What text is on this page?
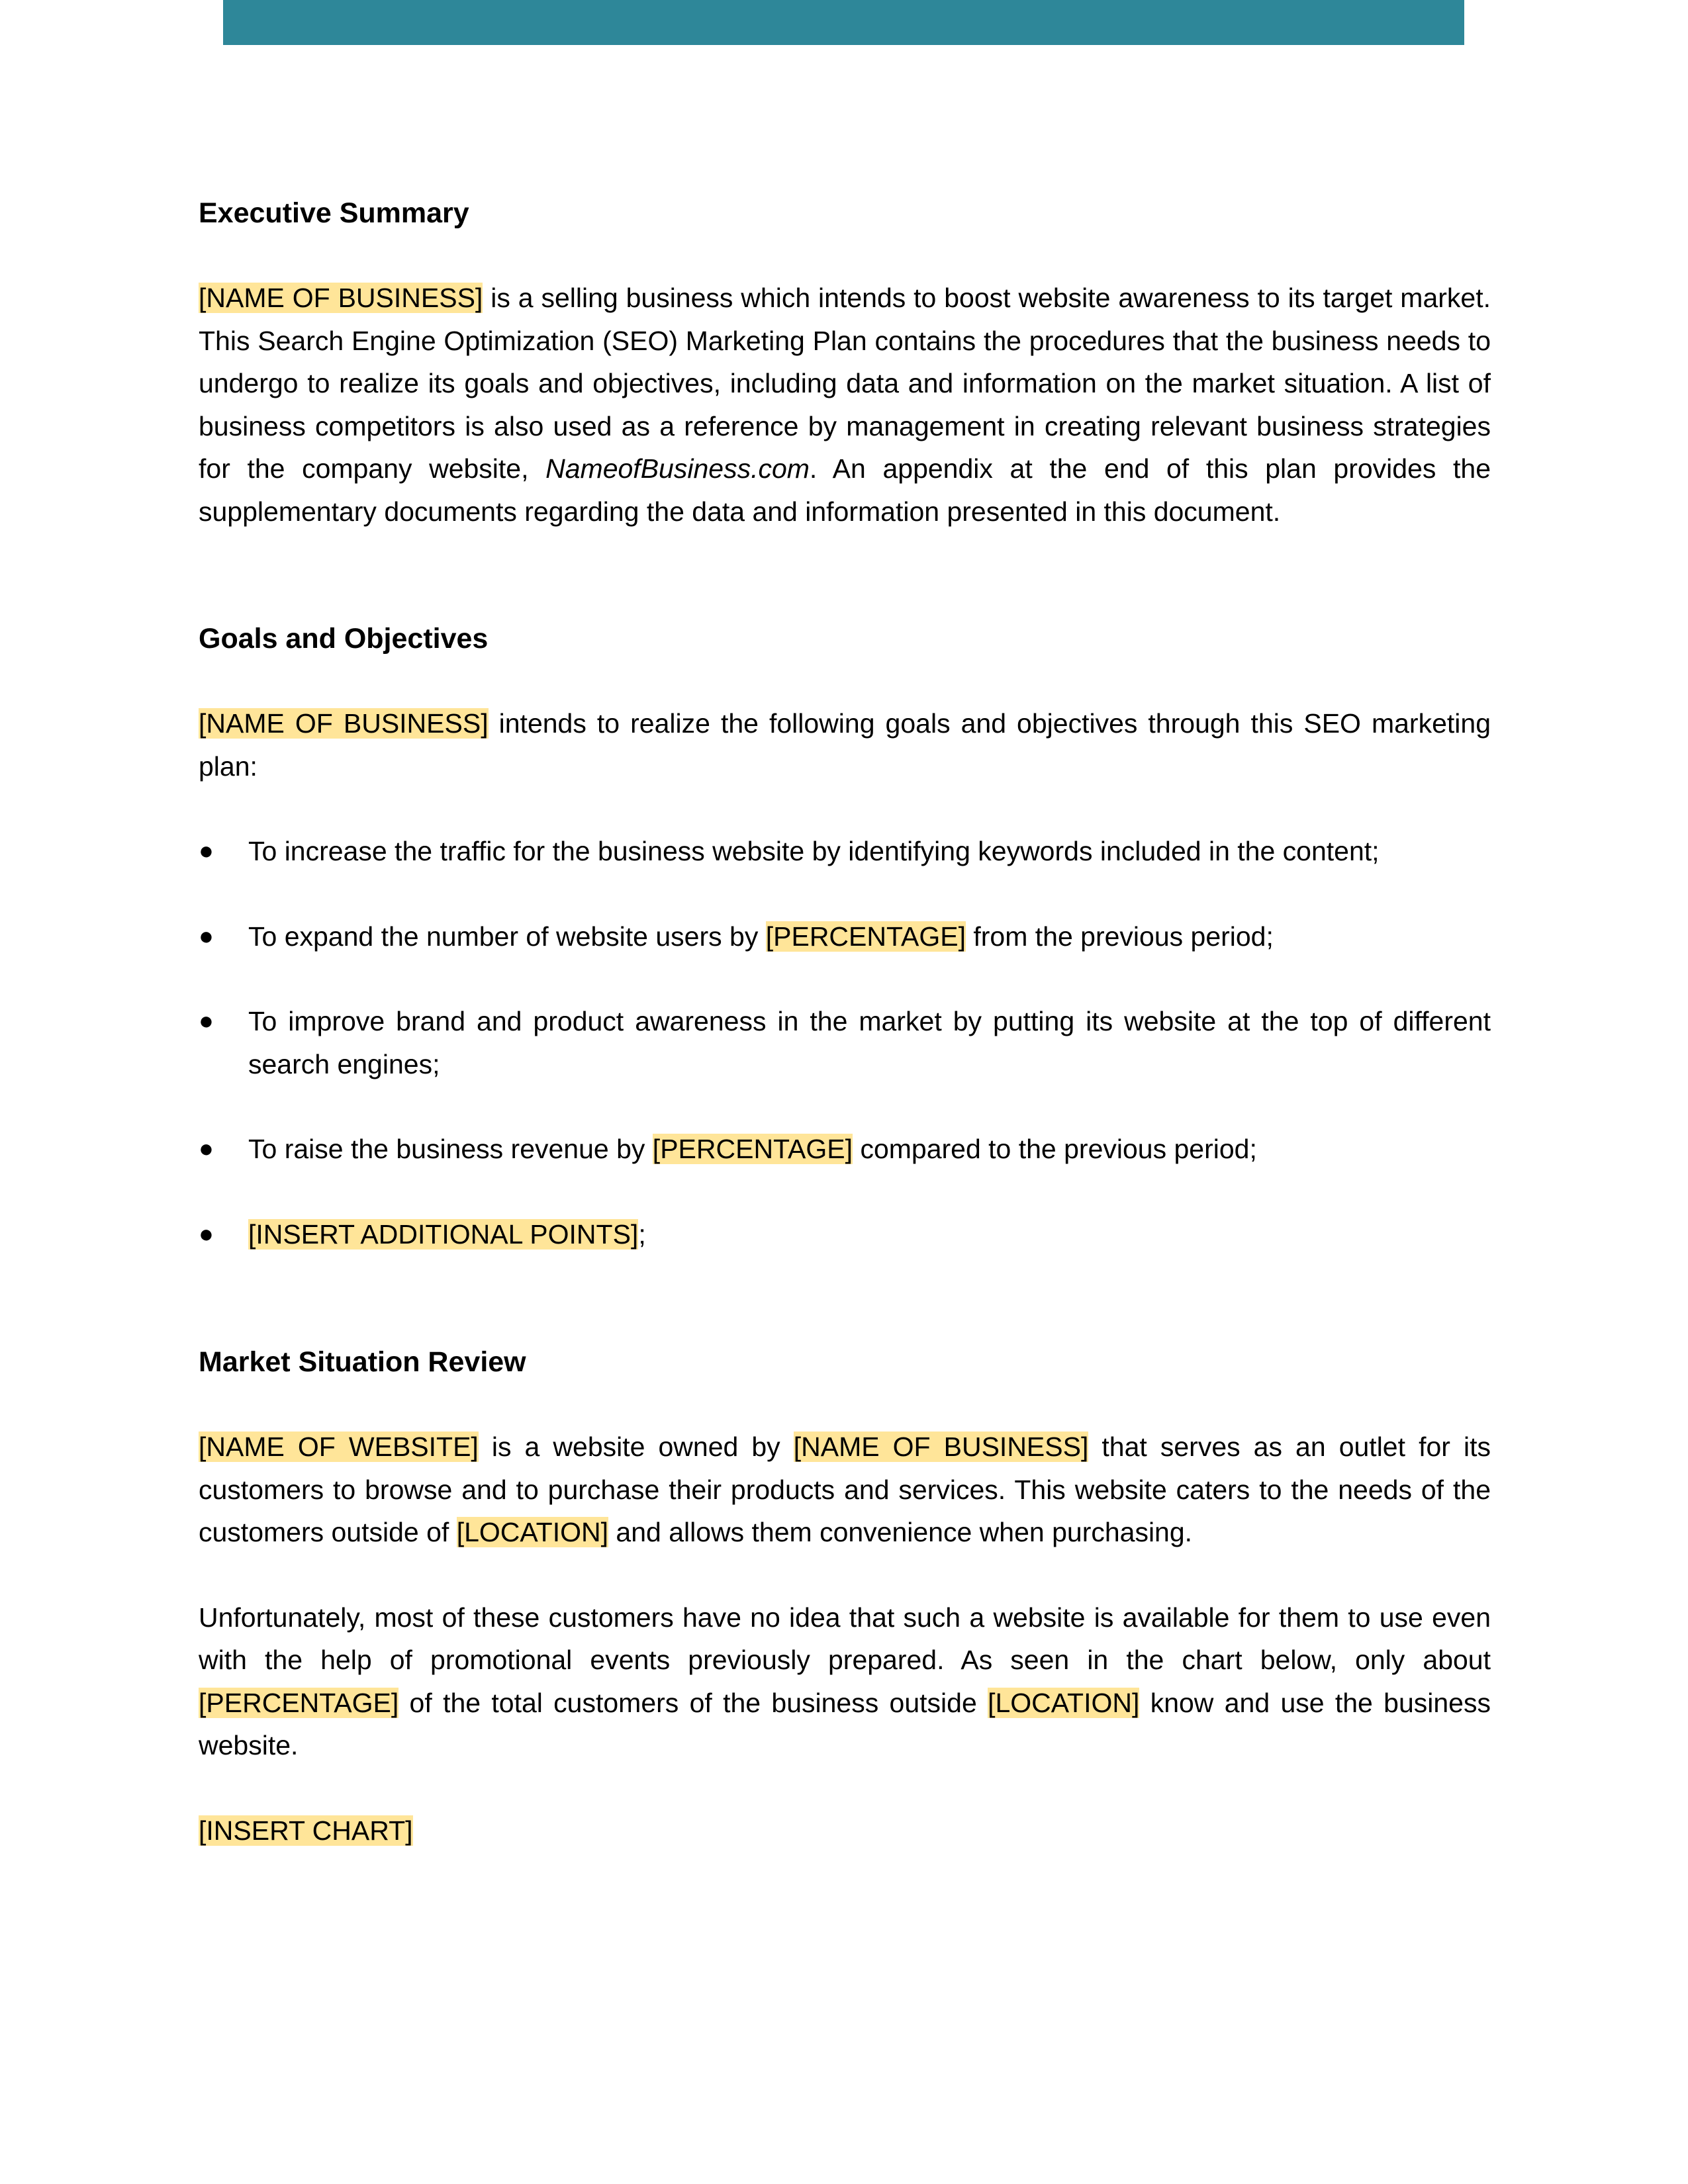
Executive Summary

[NAME OF BUSINESS] is a selling business which intends to boost website awareness to its target market. This Search Engine Optimization (SEO) Marketing Plan contains the procedures that the business needs to undergo to realize its goals and objectives, including data and information on the market situation. A list of business competitors is also used as a reference by management in creating relevant business strategies for the company website, NameofBusiness.com. An appendix at the end of this plan provides the supplementary documents regarding the data and information presented in this document.

Goals and Objectives

[NAME OF BUSINESS] intends to realize the following goals and objectives through this SEO marketing plan:

● To increase the traffic for the business website by identifying keywords included in the content;
● To expand the number of website users by [PERCENTAGE] from the previous period;
● To improve brand and product awareness in the market by putting its website at the top of different search engines;
● To raise the business revenue by [PERCENTAGE] compared to the previous period;
● [INSERT ADDITIONAL POINTS];
Market Situation Review

[NAME OF WEBSITE] is a website owned by [NAME OF BUSINESS] that serves as an outlet for its customers to browse and to purchase their products and services. This website caters to the needs of the customers outside of [LOCATION] and allows them convenience when purchasing.

Unfortunately, most of these customers have no idea that such a website is available for them to use even with the help of promotional events previously prepared. As seen in the chart below, only about [PERCENTAGE] of the total customers of the business outside [LOCATION] know and use the business website.

[INSERT CHART]
